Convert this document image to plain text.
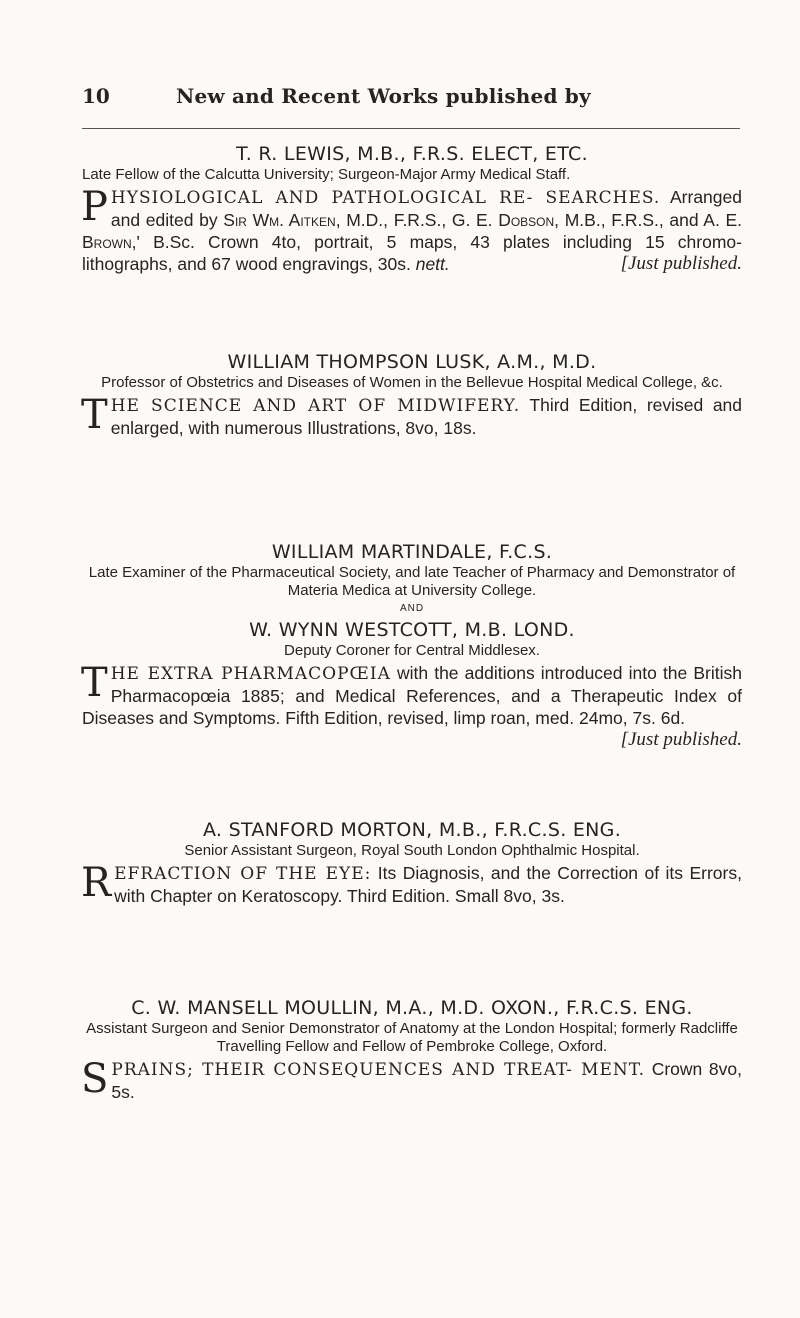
10	New and Recent Works published by
T. R. LEWIS, M.B., F.R.S. ELECT, ETC.
Late Fellow of the Calcutta University; Surgeon-Major Army Medical Staff.
PHYSIOLOGICAL AND PATHOLOGICAL RE- SEARCHES. Arranged and edited by Sir Wm. Aitken, M.D., F.R.S., G. E. Dobson, M.B., F.R.S., and A. E. Brown,' B.Sc. Crown 4to, portrait, 5 maps, 43 plates including 15 chromo- lithographs, and 67 wood engravings, 30s. nett.	[Just published.
WILLIAM THOMPSON LUSK, A.M., M.D.
Professor of Obstetrics and Diseases of Women in the Bellevue Hospital Medical College, &c.
THE SCIENCE AND ART OF MIDWIFERY. Third Edition, revised and enlarged, with numerous Illustrations, 8vo, 18s.
WILLIAM MARTINDALE, F.C.S.
Late Examiner of the Pharmaceutical Society, and late Teacher of Pharmacy and Demonstrator of Materia Medica at University College.
AND
W. WYNN WESTCOTT, M.B. LOND.
Deputy Coroner for Central Middlesex.
THE EXTRA PHARMACOPŒIA with the additions introduced into the British Pharmacopœia 1885; and Medical References, and a Therapeutic Index of Diseases and Symptoms. Fifth Edition, revised, limp roan, med. 24mo, 7s. 6d.
[Just published.
A. STANFORD MORTON, M.B., F.R.C.S. ENG.
Senior Assistant Surgeon, Royal South London Ophthalmic Hospital.
REFRACTION OF THE EYE: Its Diagnosis, and the Correction of its Errors, with Chapter on Keratoscopy. Third Edition. Small 8vo, 3s.
C. W. MANSELL MOULLIN, M.A., M.D. OXON., F.R.C.S. ENG.
Assistant Surgeon and Senior Demonstrator of Anatomy at the London Hospital; formerly Radcliffe Travelling Fellow and Fellow of Pembroke College, Oxford.
SPRAINS; THEIR CONSEQUENCES AND TREAT- MENT. Crown 8vo, 5s.
